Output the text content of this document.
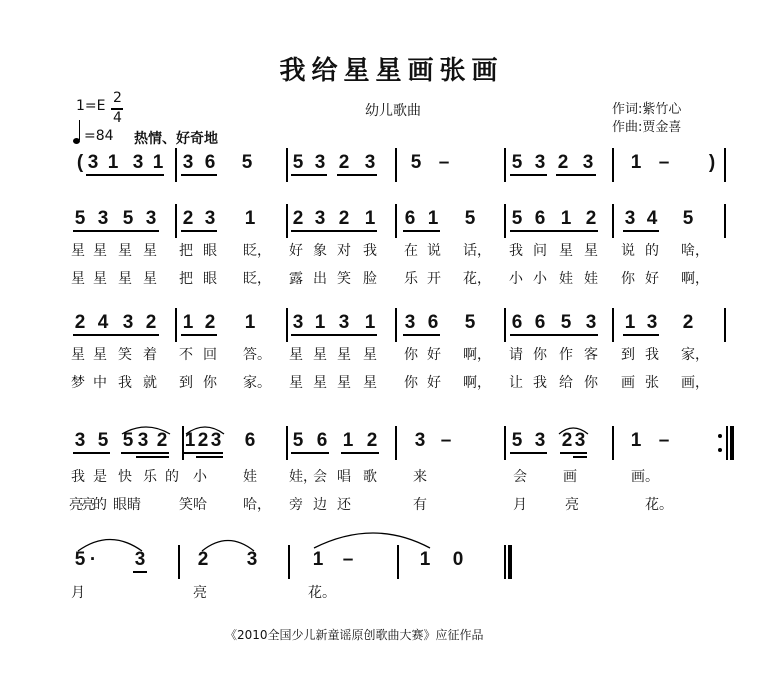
我给星星画张画
幼儿歌曲	作词:紫竹心
作曲:贾金喜
1=E 2
4
=84 热情、好奇地
( 3 1 3 1 3 6 5 5 3 2 3 5 –	5 3 2 3 1 – )
5 3 5 3 2 3 1 2 3 2 1 6 1 5 5 6 1 2 3 4 5
星 星 星 星 把 眼 眨， 好 象 对 我 在 说 话， 我 问 星 星 说 的 啥，
星 星 星 星 把 眼 眨， 露 出 笑 脸 乐 开 花， 小 小 娃 娃 你 好 啊，
2 4 3 2 1 2 1 3 1 3 1 3 6 5 6 6 5 3 1 3 2
星 星 笑 着 不 回 答。 星 星 星 星 你 好 啊， 请 你 作 客 到 我 家，
梦 中 我 就 到 你 家。 星 星 星 星 你 好 啊， 让 我 给 你 画 张 画，
3 5 5 3 2 1 2 3 6 5 6 1 2 3 –	5 3 2 3 1 –
我 是 快 乐 的 小	娃 娃，
会 唱 歌	来	会	画	画。
亮
亮
的 眼 睛	笑 哈	哈， 旁 边 还	有	月	亮	花。
5 · 3	2 3	1 –	1 0
月	亮	花。
《2010全国少儿新童谣原创歌曲大赛》应征作品
